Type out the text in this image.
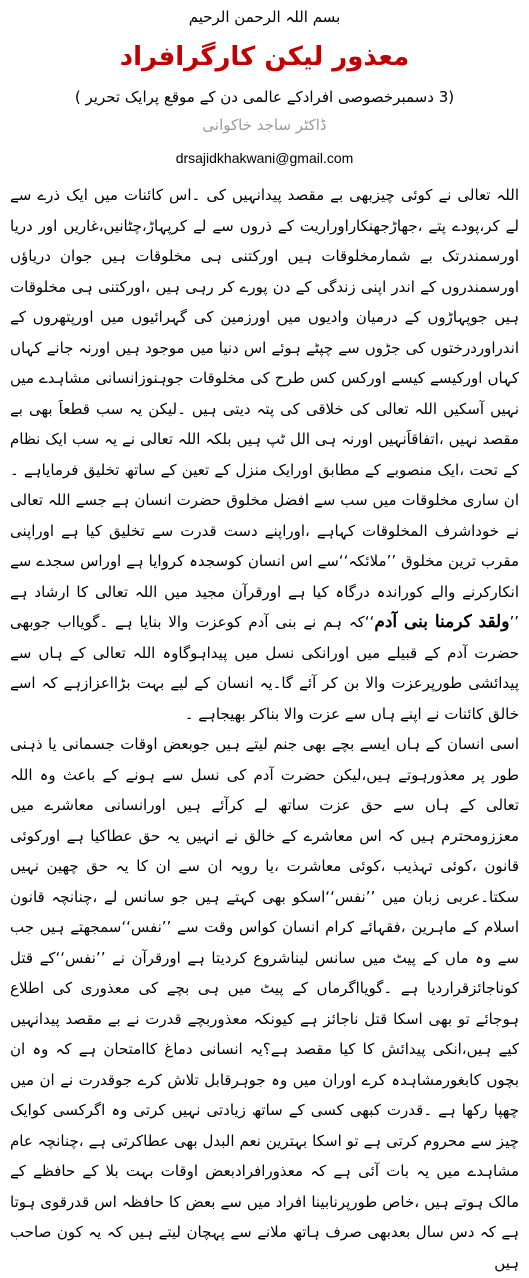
بسم اللہ الرحمن الرحیم
معذور لیکن کارگرافراد
(3 دسمبرخصوصی افرادکے عالمی دن کے موقع پرایک تحریر )
ڈاکٹر ساجد خاکوانی
drsajidkhakwani@gmail.com

اللہ تعالی نے کوئی چیزبھی بے مقصد پیدانہیں کی ۔اس کائنات میں ایک ذرے سے لے کر،پودے پتے ،جھاڑجھنکاراوراریت کے ذروں سے لے کرپہاڑ،چٹانیں،غاریں اور دریا اورسمندرتک بے شمارمخلوقات ہیں اورکتنی ہی مخلوقات ہیں جوان دریاؤں اورسمندروں کے اندر اپنی زندگی کے دن پورے کر رہی ہیں ،اورکتنی ہی مخلوقات ہیں جوپہاڑوں کے درمیان وادیوں میں اورزمین کی گہرائیوں میں اورپتھروں کے اندراوردرختوں کی جڑوں سے چپٹے ہوئے اس دنیا میں موجود ہیں اورنہ جانے کہاں کہاں اورکیسے کیسے اورکس کس طرح کی مخلوقات جوہنوزانسانی مشاہدے میں نہیں آسکیں اللہ تعالی کی خلاقی کی پتہ دیتی ہیں ۔لیکن یہ سب قطعاََ بھی بے مقصد نہیں ،اتفاقاََنہیں اورنہ ہی الل ٹپ ہیں بلکہ اللہ تعالی نے یہ سب ایک نظام کے تحت ،ایک منصوبے کے مطابق اورایک منزل کے تعین کے ساتھ تخلیق فرمایاہے ۔ان ساری مخلوقات میں سب سے افضل مخلوق حضرت انسان ہے جسے اللہ تعالی نے خوداشرف المخلوقات کہاہے ،اوراپنے دست قدرت سے تخلیق کیا ہے اوراپنی مقرب ترین مخلوق ’’ملائکہ‘‘سے اس انسان کوسجدہ کروایا ہے اوراس سجدے سے انکارکرنے والے کوراندہ درگاہ کیا ہے اورقرآن مجید میں اللہ تعالی کا ارشاد ہے ’’ولقد کرمنا بنی آدم‘‘کہ ہم نے بنی آدم کوعزت والا بنایا ہے ۔گویااب جوبھی حضرت آدم کے قبیلے میں اورانکی نسل میں پیداہوگاوہ اللہ تعالی کے ہاں سے پیدائشی طورپرعزت والا بن کر آئے گا۔یہ انسان کے لیے بہت بڑااعزازہے کہ اسے خالق کائنات نے اپنے ہاں سے عزت والا بناکر بھیجاہے ۔

اسی انسان کے ہاں ایسے بچے بھی جنم لیتے ہیں جوبعض اوقات جسمانی یا ذہنی طور پر معذورہوتے ہیں،لیکن حضرت آدم کی نسل سے ہونے کے باعث وہ اللہ تعالی کے ہاں سے حق عزت ساتھ لے کرآئے ہیں اورانسانی معاشرے میں معززومحترم ہیں کہ اس معاشرے کے خالق نے انہیں یہ حق عطاکیا ہے اورکوئی قانون ،کوئی تہذیب ،کوئی معاشرت ،یا رویہ ان سے ان کا یہ حق چھین نہیں سکتا۔عربی زبان میں ’’نفس‘‘اسکو بھی کہتے ہیں جو سانس لے ،چنانچہ قانون اسلام کے ماہرین ،فقہائے کرام انسان کواس وقت سے ’’نفس‘‘سمجھتے ہیں جب سے وہ ماں کے پیٹ میں سانس لیناشروع کردیتا ہے اورقرآن نے ’’نفس‘‘کے قتل کوناجائزقراردیا ہے ۔گویااگرماں کے پیٹ میں ہی بچے کی معذوری کی اطلاع ہوجائے تو بھی اسکا قتل ناجائز ہے کیونکہ معذوربچے قدرت نے بے مقصد پیدانہیں کیے ہیں،انکی پیدائش کا کیا مقصد ہے؟یہ انسانی دماغ کاامتحان ہے کہ وہ ان بچوں کابغورمشاہدہ کرے اوران میں وہ جوہرقابل تلاش کرے جوقدرت نے ان میں چھپا رکھا ہے ۔قدرت کبھی کسی کے ساتھ زیادتی نہیں کرتی وہ اگرکسی کوایک چیز سے محروم کرتی ہے تو اسکا بہترین نعم البدل بھی عطاکرتی ہے ،چنانچہ عام مشاہدے میں یہ بات آئی ہے کہ معذورافرادبعض اوقات بہت بلا کے حافظے کے مالک ہوتے ہیں ،خاص طورپرنابینا افراد میں سے بعض کا حافظہ اس قدرقوی ہوتا ہے کہ دس سال بعدبھی صرف ہاتھ ملانے سے پہچان لیتے ہیں کہ یہ کون صاحب ہیں
